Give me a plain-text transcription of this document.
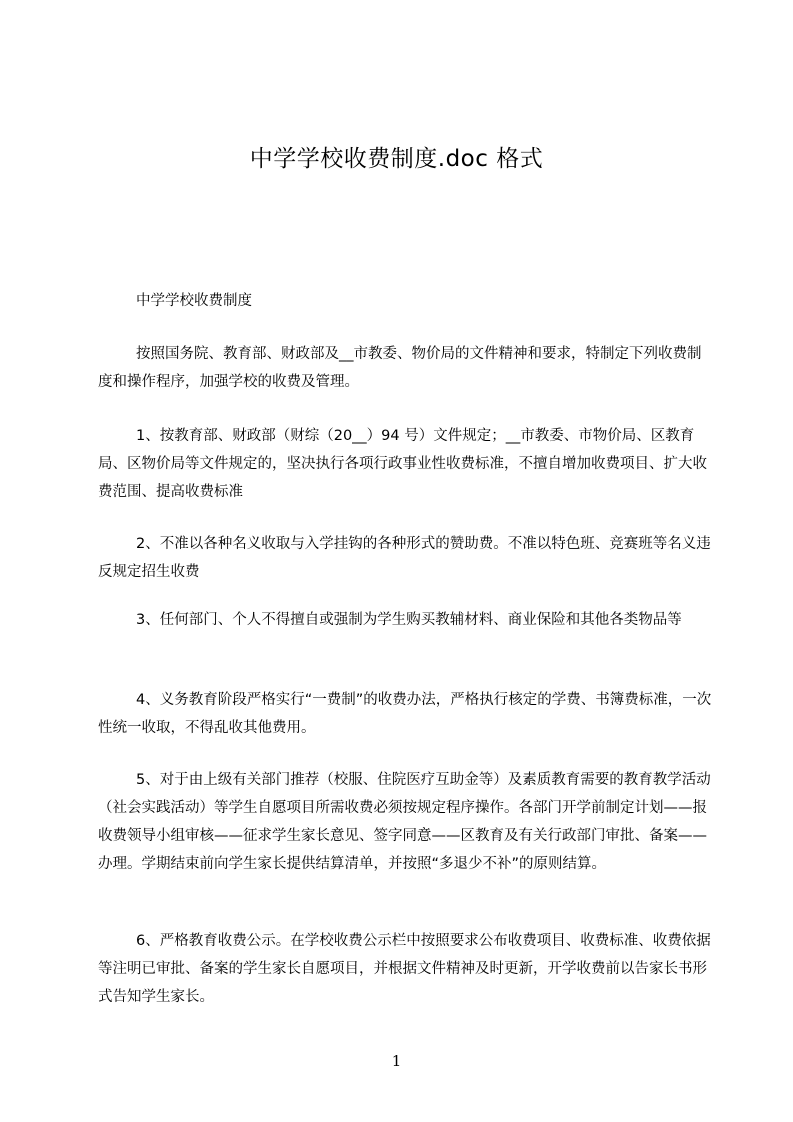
中学学校收费制度.doc 格式
中学学校收费制度
按照国务院、教育部、财政部及__市教委、物价局的文件精神和要求，特制定下列收费制度和操作程序，加强学校的收费及管理。
1、按教育部、财政部（财综（20__）94 号）文件规定；__市教委、市物价局、区教育局、区物价局等文件规定的，坚决执行各项行政事业性收费标准，不擅自增加收费项目、扩大收费范围、提高收费标准
2、不准以各种名义收取与入学挂钩的各种形式的赞助费。不准以特色班、竞赛班等名义违反规定招生收费
3、任何部门、个人不得擅自或强制为学生购买教辅材料、商业保险和其他各类物品等
4、义务教育阶段严格实行“一费制”的收费办法，严格执行核定的学费、书簿费标准，一次性统一收取，不得乱收其他费用。
5、对于由上级有关部门推荐（校服、住院医疗互助金等）及素质教育需要的教育教学活动（社会实践活动）等学生自愿项目所需收费必须按规定程序操作。各部门开学前制定计划——报收费领导小组审核——征求学生家长意见、签字同意——区教育及有关行政部门审批、备案——办理。学期结束前向学生家长提供结算清单，并按照“多退少不补”的原则结算。
6、严格教育收费公示。在学校收费公示栏中按照要求公布收费项目、收费标准、收费依据等注明已审批、备案的学生家长自愿项目，并根据文件精神及时更新，开学收费前以告家长书形式告知学生家长。
1
